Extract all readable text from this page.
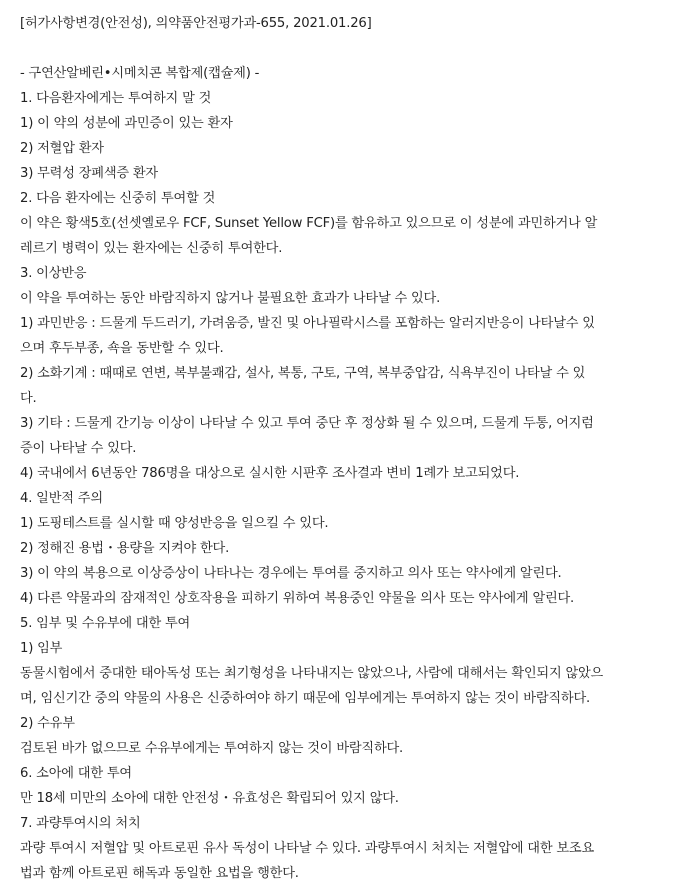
[허가사항변경(안전성), 의약품안전평가과-655, 2021.01.26]
- 구연산알베린•시메치콘 복합제(캡슐제) -
1. 다음환자에게는 투여하지 말 것
1) 이 약의 성분에 과민증이 있는 환자
2) 저혈압 환자
3) 무력성 장폐색증 환자
2. 다음 환자에는 신중히 투여할 것
이 약은 황색5호(선셋옐로우 FCF, Sunset Yellow FCF)를 함유하고 있으므로 이 성분에 과민하거나 알
레르기 병력이 있는 환자에는 신중히 투여한다.
3. 이상반응
이 약을 투여하는 동안 바람직하지 않거나 불필요한 효과가 나타날 수 있다.
1) 과민반응 : 드물게 두드러기, 가려움증, 발진 및 아나필락시스를 포함하는 알러지반응이 나타날수 있
으며 후두부종, 쇽을 동반할 수 있다.
2) 소화기계 : 때때로 연변, 복부불쾌감, 설사, 복통, 구토, 구역, 복부중압감, 식욕부진이 나타날 수 있
다.
3) 기타 : 드물게 간기능 이상이 나타날 수 있고 투여 중단 후 정상화 될 수 있으며, 드물게 두통, 어지럼
증이 나타날 수 있다.
4) 국내에서 6년동안 786명을 대상으로 실시한 시판후 조사결과 변비 1례가 보고되었다.
4. 일반적 주의
1) 도핑테스트를 실시할 때 양성반응을 일으킬 수 있다.
2) 정해진 용법・용량을 지켜야 한다.
3) 이 약의 복용으로 이상증상이 나타나는 경우에는 투여를 중지하고 의사 또는 약사에게 알린다.
4) 다른 약물과의 잠재적인 상호작용을 피하기 위하여 복용중인 약물을 의사 또는 약사에게 알린다.
5. 임부 및 수유부에 대한 투여
1) 임부
동물시험에서 중대한 태아독성 또는 최기형성을 나타내지는 않았으나, 사람에 대해서는 확인되지 않았으
며, 임신기간 중의 약물의 사용은 신중하여야 하기 때문에 임부에게는 투여하지 않는 것이 바람직하다.
2) 수유부
검토된 바가 없으므로 수유부에게는 투여하지 않는 것이 바람직하다.
6. 소아에 대한 투여
만 18세 미만의 소아에 대한 안전성・유효성은 확립되어 있지 않다.
7. 과량투여시의 처치
과량 투여시 저혈압 및 아트로핀 유사 독성이 나타날 수 있다. 과량투여시 처치는 저혈압에 대한 보조요
법과 함께 아트로핀 해독과 동일한 요법을 행한다.
